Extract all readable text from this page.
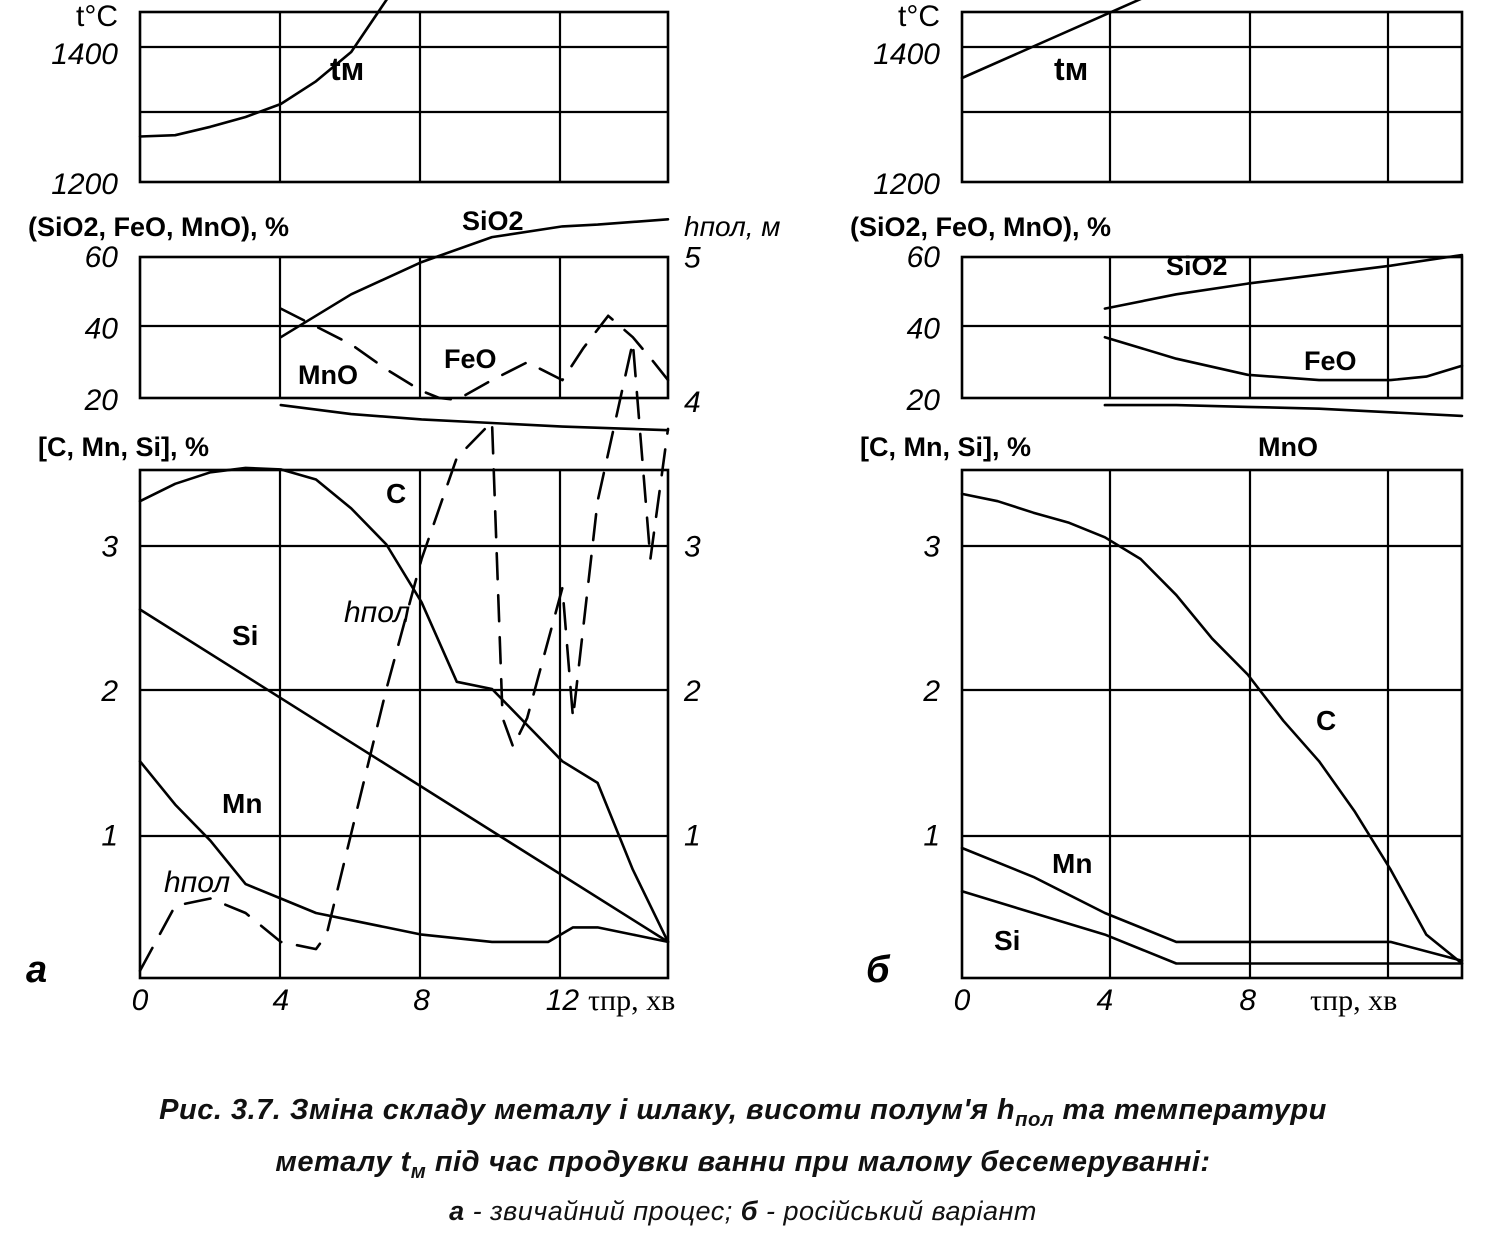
1200
1400
t°C
20
40
60
(SiO2, FeO, MnO), %
1
2
3
[C, Mn, Si], %
0	4	8	12 τпр, хв
а
1
2
3
4
5
hпол, м
tм
SiO2
FeO
MnO
C
Si
Mn
hпол
hпол
1200
1400
t°C
20
40
60
(SiO2, FeO, MnO), %
1
2
3
[C, Mn, Si], %
0	4	8 τпр, хв
б
tм
SiO2
FeO
MnO
C
Mn
Si
Рис. 3.7. Зміна складу металу і шлаку, висоти полум'я $h_{пол}$ та температури
металу $t_м$ під час продувки ванни при малому бесемеруванні:
а - звичайний процес; б - російський варіант
